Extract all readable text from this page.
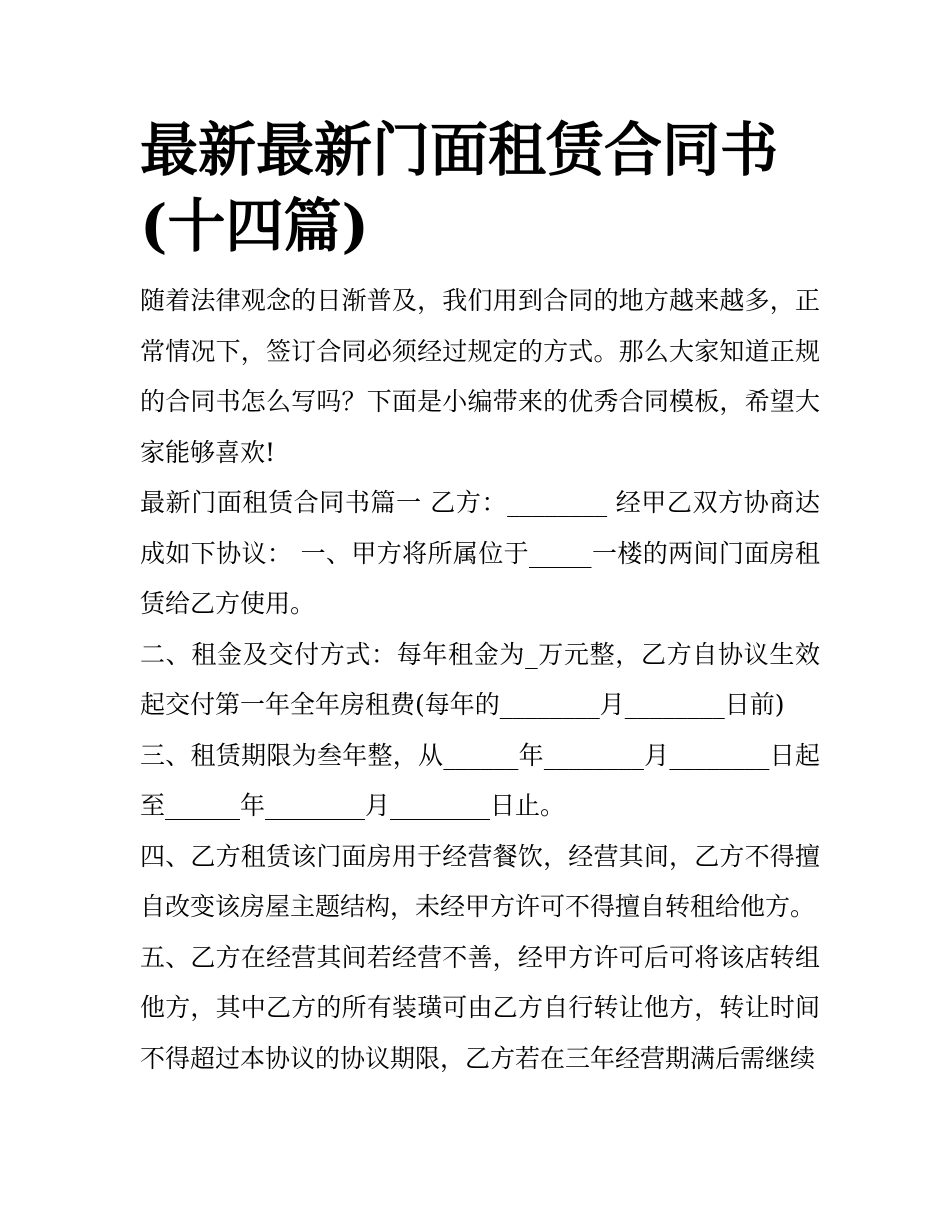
最新最新门面租赁合同书(十四篇)

随着法律观念的日渐普及，我们用到合同的地方越来越多，正常情况下，签订合同必须经过规定的方式。那么大家知道正规的合同书怎么写吗？下面是小编带来的优秀合同模板，希望大家能够喜欢!

最新门面租赁合同书篇一 乙方：________ 经甲乙双方协商达成如下协议： 一、甲方将所属位于_____一楼的两间门面房租赁给乙方使用。

二、租金及交付方式：每年租金为_万元整，乙方自协议生效起交付第一年全年房租费(每年的________月________日前)

三、租赁期限为叁年整，从______年________月________日起至______年________月________日止。

四、乙方租赁该门面房用于经营餐饮，经营其间，乙方不得擅自改变该房屋主题结构，未经甲方许可不得擅自转租给他方。

五、乙方在经营其间若经营不善，经甲方许可后可将该店转组他方，其中乙方的所有装璜可由乙方自行转让他方，转让时间不得超过本协议的协议期限，乙方若在三年经营期满后需继续
